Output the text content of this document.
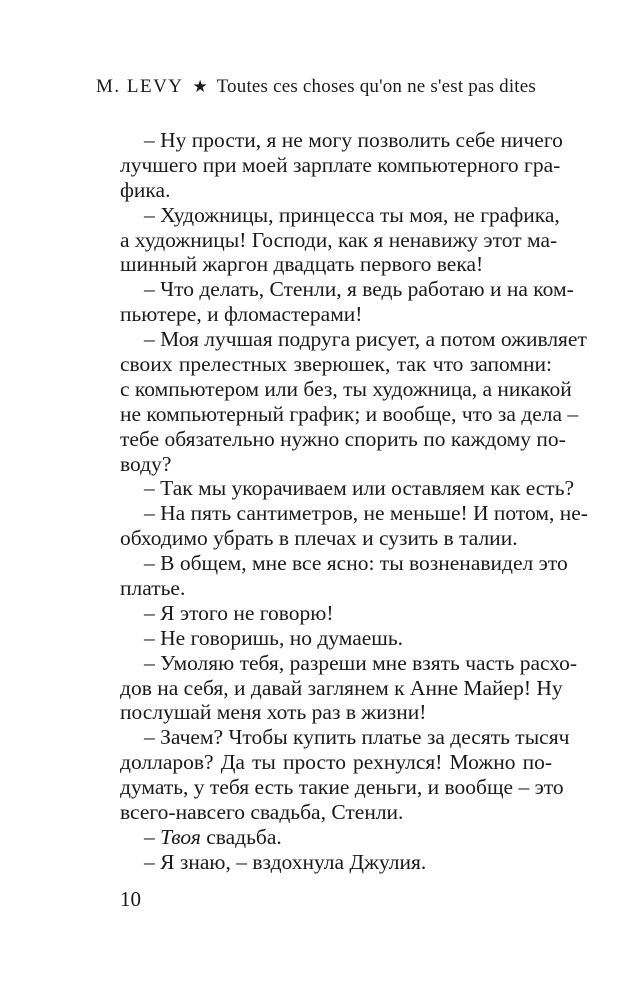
M. LEVY ★ Toutes ces choses qu'on ne s'est pas dites
– Ну прости, я не могу позволить себе ничего
лучшего при моей зарплате компьютерного гра-
фика.
– Художницы, принцесса ты моя, не графика,
а художницы! Господи, как я ненавижу этот ма-
шинный жаргон двадцать первого века!
– Что делать, Стенли, я ведь работаю и на ком-
пьютере, и фломастерами!
– Моя лучшая подруга рисует, а потом оживляет
своих прелестных зверюшек, так что запомни:
с компьютером или без, ты художница, а никакой
не компьютерный график; и вообще, что за дела –
тебе обязательно нужно спорить по каждому по-
воду?
– Так мы укорачиваем или оставляем как есть?
– На пять сантиметров, не меньше! И потом, не-
обходимо убрать в плечах и сузить в талии.
– В общем, мне все ясно: ты возненавидел это
платье.
– Я этого не говорю!
– Не говоришь, но думаешь.
– Умоляю тебя, разреши мне взять часть расхо-
дов на себя, и давай заглянем к Анне Майер! Ну
послушай меня хоть раз в жизни!
– Зачем? Чтобы купить платье за десять тысяч
долларов? Да ты просто рехнулся! Можно по-
думать, у тебя есть такие деньги, и вообще – это
всего-навсего свадьба, Стенли.
– Твоя свадьба.
– Я знаю, – вздохнула Джулия.
10
